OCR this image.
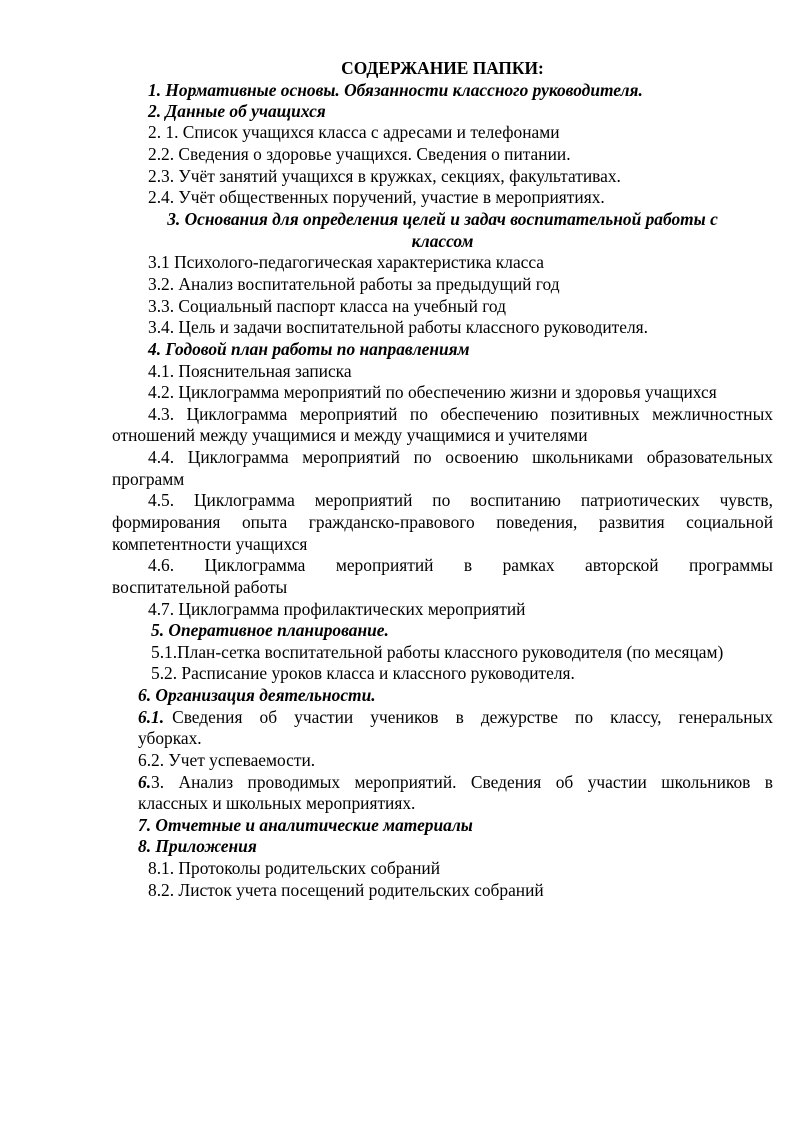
СОДЕРЖАНИЕ ПАПКИ:
1. Нормативные основы. Обязанности классного руководителя.
2. Данные об учащихся
2. 1. Список учащихся класса с адресами и телефонами
2.2. Сведения о здоровье учащихся. Сведения о питании.
2.3. Учёт занятий учащихся в кружках, секциях, факультативах.
2.4. Учёт общественных поручений, участие в мероприятиях.
3. Основания для определения целей и задач воспитательной работы с
классом
3.1 Психолого-педагогическая характеристика класса
3.2. Анализ воспитательной работы за предыдущий год
3.3. Социальный паспорт класса на учебный год
3.4. Цель и задачи воспитательной работы классного руководителя.
4. Годовой план работы по направлениям
4.1. Пояснительная записка
4.2. Циклограмма мероприятий по обеспечению жизни и здоровья учащихся
4.3. Циклограмма мероприятий по обеспечению позитивных межличностных
отношений между учащимися и между учащимися и учителями
4.4. Циклограмма мероприятий по освоению школьниками образовательных
программ
4.5. Циклограмма мероприятий по воспитанию патриотических чувств,
формирования опыта гражданско-правового поведения, развития социальной
компетентности учащихся
4.6. Циклограмма мероприятий в рамках авторской программы
воспитательной работы
4.7. Циклограмма профилактических мероприятий
5. Оперативное планирование.
5.1.План-сетка воспитательной работы классного руководителя (по месяцам)
5.2. Расписание уроков класса и классного руководителя.
6. Организация деятельности.
6.1. Сведения об участии учеников в дежурстве по классу, генеральных
уборках.
6.2. Учет успеваемости.
6. 3. Анализ проводимых мероприятий. Сведения об участии школьников в
классных и школьных мероприятиях.
7. Отчетные и аналитические материалы
8. Приложения
8.1. Протоколы родительских собраний
8.2. Листок учета посещений родительских собраний
